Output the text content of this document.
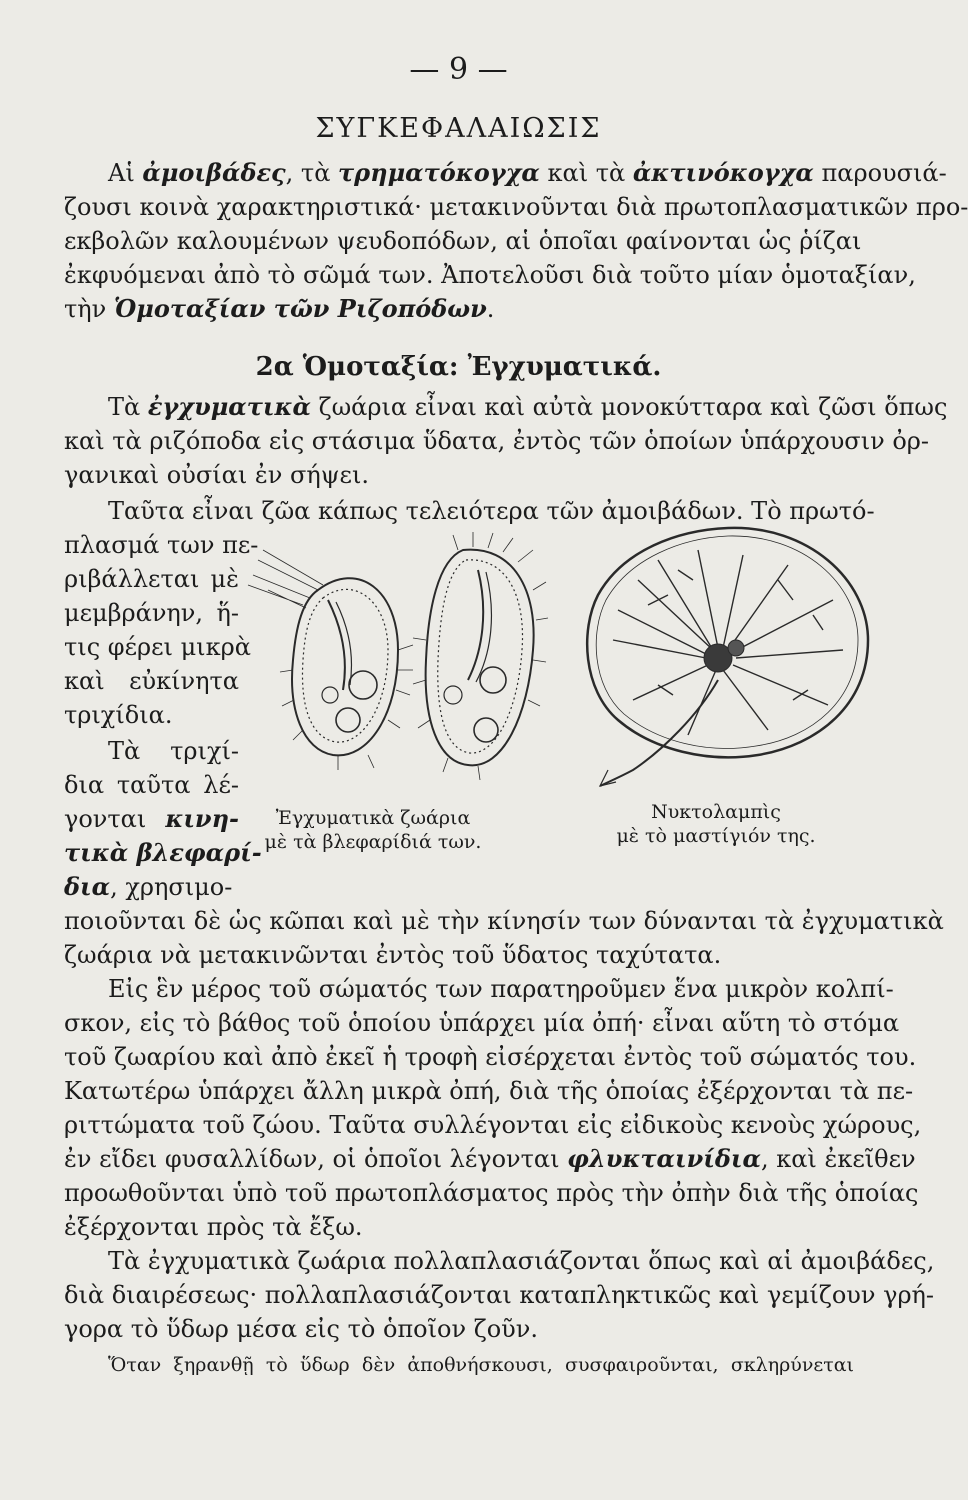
— 9 —
ΣΥΓΚΕΦΑΛΑΙΩΣΙΣ
Αἱ ἀμοιβάδες, τὰ τρηματόκογχα καὶ τὰ ἀκτινόκογχα παρουσιά-
ζουσι κοινὰ χαρακτηριστικά· μετακινοῦνται διὰ πρωτοπλασματικῶν προ-
εκβολῶν καλουμένων ψευδοπόδων, αἱ ὁποῖαι φαίνονται ὡς ῥίζαι
ἐκφυόμεναι ἀπὸ τὸ σῶμά των. Ἀποτελοῦσι διὰ τοῦτο μίαν ὁμοταξίαν,
τὴν Ὁμοταξίαν τῶν Ριζοπόδων.
2α Ὁμοταξία: Ἐγχυματικά.
Τὰ ἐγχυματικὰ ζωάρια εἶναι καὶ αὐτὰ μονοκύτταρα καὶ ζῶσι ὅπως
καὶ τὰ ριζόποδα εἰς στάσιμα ὕδατα, ἐντὸς τῶν ὁποίων ὑπάρχουσιν ὀρ-
γανικαὶ οὐσίαι ἐν σήψει.
Ταῦτα εἶναι ζῶα κάπως τελειότερα τῶν ἀμοιβάδων. Τὸ πρωτό-
πλασμά των πε-
ριβάλλεται μὲ
μεμβράνην, ἥ-
τις φέρει μικρὰ
καὶ εὐκίνητα
τριχίδια.
Τὰ τριχί-
δια ταῦτα λέ-
γονται κινη-
τικὰ βλεφαρί-
δια, χρησιμο-
ποιοῦνται δὲ ὡς κῶπαι καὶ μὲ τὴν κίνησίν των δύνανται τὰ ἐγχυματικὰ
ζωάρια νὰ μετακινῶνται ἐντὸς τοῦ ὕδατος ταχύτατα.
Ἐγχυματικὰ ζωάρια
μὲ τὰ βλεφαρίδιά των.
Νυκτολαμπὶς
μὲ τὸ μαστίγιόν της.
Εἰς ἓν μέρος τοῦ σώματός των παρατηροῦμεν ἕνα μικρὸν κολπί-
σκον, εἰς τὸ βάθος τοῦ ὁποίου ὑπάρχει μία ὀπή· εἶναι αὕτη τὸ στόμα
τοῦ ζωαρίου καὶ ἀπὸ ἐκεῖ ἡ τροφὴ εἰσέρχεται ἐντὸς τοῦ σώματός του.
Κατωτέρω ὑπάρχει ἄλλη μικρὰ ὀπή, διὰ τῆς ὁποίας ἐξέρχονται τὰ πε-
ριττώματα τοῦ ζώου. Ταῦτα συλλέγονται εἰς εἰδικοὺς κενοὺς χώρους,
ἐν εἴδει φυσαλλίδων, οἱ ὁποῖοι λέγονται φλυκταινίδια, καὶ ἐκεῖθεν
προωθοῦνται ὑπὸ τοῦ πρωτοπλάσματος πρὸς τὴν ὀπὴν διὰ τῆς ὁποίας
ἐξέρχονται πρὸς τὰ ἔξω.
Τὰ ἐγχυματικὰ ζωάρια πολλαπλασιάζονται ὅπως καὶ αἱ ἀμοιβάδες,
διὰ διαιρέσεως· πολλαπλασιάζονται καταπληκτικῶς καὶ γεμίζουν γρή-
γορα τὸ ὕδωρ μέσα εἰς τὸ ὁποῖον ζοῦν.
Ὅταν ξηρανθῇ τὸ ὕδωρ δὲν ἀποθνήσκουσι, συσφαιροῦνται, σκληρύνεται
